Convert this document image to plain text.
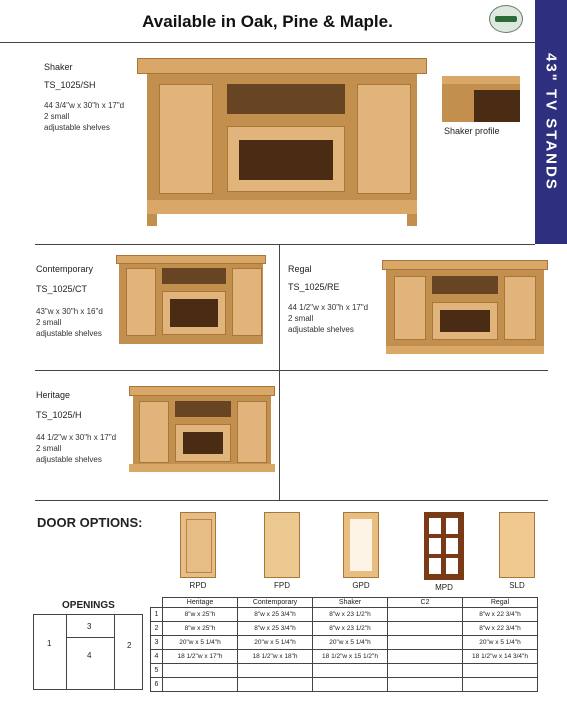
Available in Oak, Pine & Maple.
43" TV STANDS
Shaker
TS_1025/SH
44 3/4"w x 30"h x 17"d
2 small
adjustable shelves	Shaker profile
Contemporary
TS_1025/CT
43"w x 30"h x 16"d
2 small
adjustable shelves
Regal
TS_1025/RE
44 1/2"w x 30"h x 17"d
2 small
adjustable shelves
Heritage
TS_1025/H
44 1/2"w x 30"h x 17"d
2 small
adjustable shelves
DOOR OPTIONS:
RPD	FPD	GPD	MPD	SLD
OPENINGS
1	2
3
4
	Heritage	Contemporary	Shaker	C2	Regal
1	8"w x 25"h	8"w x 25 3/4"h	8"w x 23 1/2"h		8"w x 22 3/4"h
2	8"w x 25"h	8"w x 25 3/4"h	8"w x 23 1/2"h		8"w x 22 3/4"h
3	20"w x 5 1/4"h	20"w x 5 1/4"h	20"w x 5 1/4"h		20"w x 5 1/4"h
4	18 1/2"w x 17"h	18 1/2"w x 18"h	18 1/2"w x 15 1/2"h		18 1/2"w x 14 3/4"h
5					
6					
